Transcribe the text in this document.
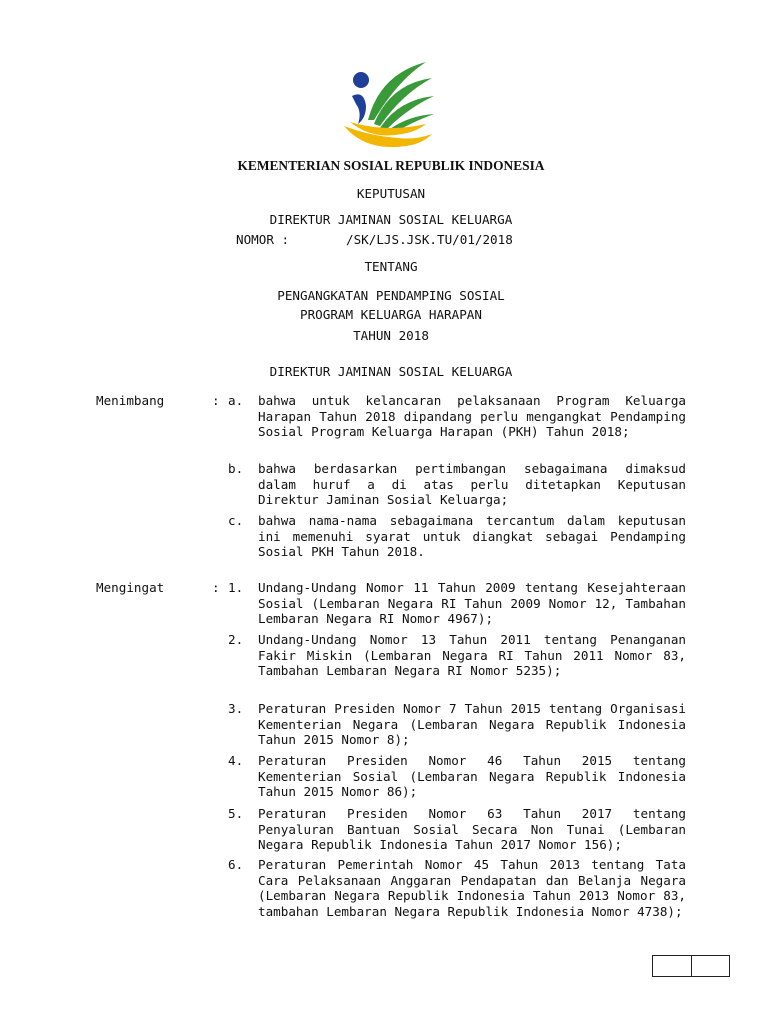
KEMENTERIAN SOSIAL REPUBLIK INDONESIA
KEPUTUSAN
DIREKTUR JAMINAN SOSIAL KELUARGA
NOMOR :	/SK/LJS.JSK.TU/01/2018
TENTANG
PENGANGKATAN PENDAMPING SOSIAL
PROGRAM KELUARGA HARAPAN
TAHUN 2018
DIREKTUR JAMINAN SOSIAL KELUARGA
Menimbang	: a. bahwa untuk kelancaran pelaksanaan Program Keluarga Harapan Tahun 2018 dipandang perlu mengangkat Pendamping Sosial Program Keluarga Harapan (PKH) Tahun 2018;
b. bahwa berdasarkan pertimbangan sebagaimana dimaksud dalam huruf a di atas perlu ditetapkan Keputusan Direktur Jaminan Sosial Keluarga;
c. bahwa nama-nama sebagaimana tercantum dalam keputusan ini memenuhi syarat untuk diangkat sebagai Pendamping Sosial PKH Tahun 2018.
Mengingat	: 1. Undang-Undang Nomor 11 Tahun 2009 tentang Kesejahteraan Sosial (Lembaran Negara RI Tahun 2009 Nomor 12, Tambahan Lembaran Negara RI Nomor 4967);
2. Undang-Undang Nomor 13 Tahun 2011 tentang Penanganan Fakir Miskin (Lembaran Negara RI Tahun 2011 Nomor 83, Tambahan Lembaran Negara RI Nomor 5235);
3. Peraturan Presiden Nomor 7 Tahun 2015 tentang Organisasi Kementerian Negara (Lembaran Negara Republik Indonesia Tahun 2015 Nomor 8);
4. Peraturan Presiden Nomor 46 Tahun 2015 tentang Kementerian Sosial (Lembaran Negara Republik Indonesia Tahun 2015 Nomor 86);
5. Peraturan Presiden Nomor 63 Tahun 2017 tentang Penyaluran Bantuan Sosial Secara Non Tunai (Lembaran Negara Republik Indonesia Tahun 2017 Nomor 156);
6. Peraturan Pemerintah Nomor 45 Tahun 2013 tentang Tata Cara Pelaksanaan Anggaran Pendapatan dan Belanja Negara (Lembaran Negara Republik Indonesia Tahun 2013 Nomor 83, tambahan Lembaran Negara Republik Indonesia Nomor 4738);
